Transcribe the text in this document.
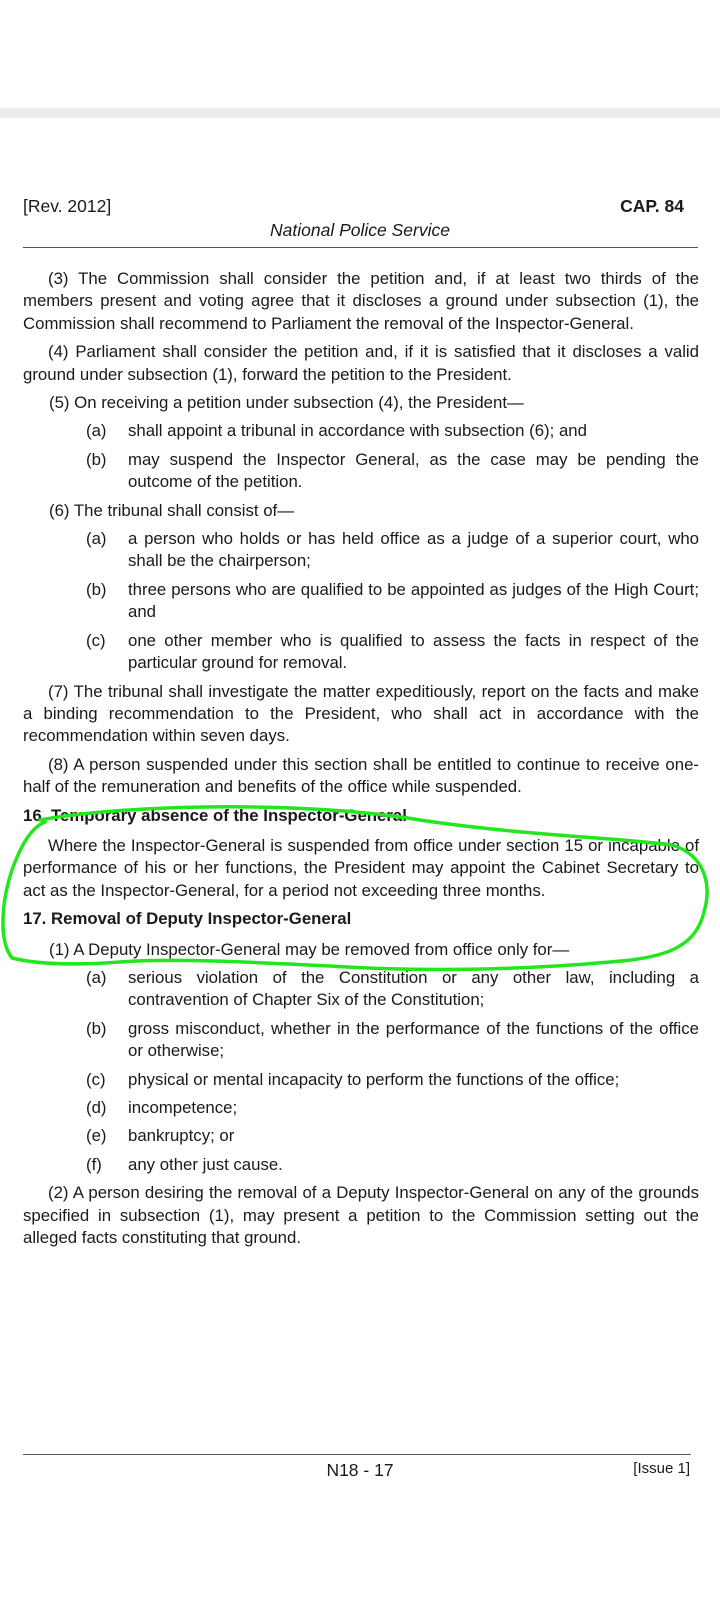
[Rev. 2012]	CAP. 84
National Police Service

(3) The Commission shall consider the petition and, if at least two thirds of the members present and voting agree that it discloses a ground under subsection (1), the Commission shall recommend to Parliament the removal of the Inspector-General.

(4) Parliament shall consider the petition and, if it is satisfied that it discloses a valid ground under subsection (1), forward the petition to the President.

(5) On receiving a petition under subsection (4), the President—
(a)	shall appoint a tribunal in accordance with subsection (6); and
(b)	may suspend the Inspector General, as the case may be pending the outcome of the petition.
(6) The tribunal shall consist of—
(a)	a person who holds or has held office as a judge of a superior court, who shall be the chairperson;
(b)	three persons who are qualified to be appointed as judges of the High Court; and
(c)	one other member who is qualified to assess the facts in respect of the particular ground for removal.

(7) The tribunal shall investigate the matter expeditiously, report on the facts and make a binding recommendation to the President, who shall act in accordance with the recommendation within seven days.

(8) A person suspended under this section shall be entitled to continue to receive one-half of the remuneration and benefits of the office while suspended.

16. Temporary absence of the Inspector-General

Where the Inspector-General is suspended from office under section 15 or incapable of performance of his or her functions, the President may appoint the Cabinet Secretary to act as the Inspector-General, for a period not exceeding three months.

17. Removal of Deputy Inspector-General
(1) A Deputy Inspector-General may be removed from office only for—
(a)	serious violation of the Constitution or any other law, including a contravention of Chapter Six of the Constitution;
(b)	gross misconduct, whether in the performance of the functions of the office or otherwise;
(c)	physical or mental incapacity to perform the functions of the office;
(d)	incompetence;
(e)	bankruptcy; or
(f)	any other just cause.

(2) A person desiring the removal of a Deputy Inspector-General on any of the grounds specified in subsection (1), may present a petition to the Commission setting out the alleged facts constituting that ground.

N18 - 17	[Issue 1]
